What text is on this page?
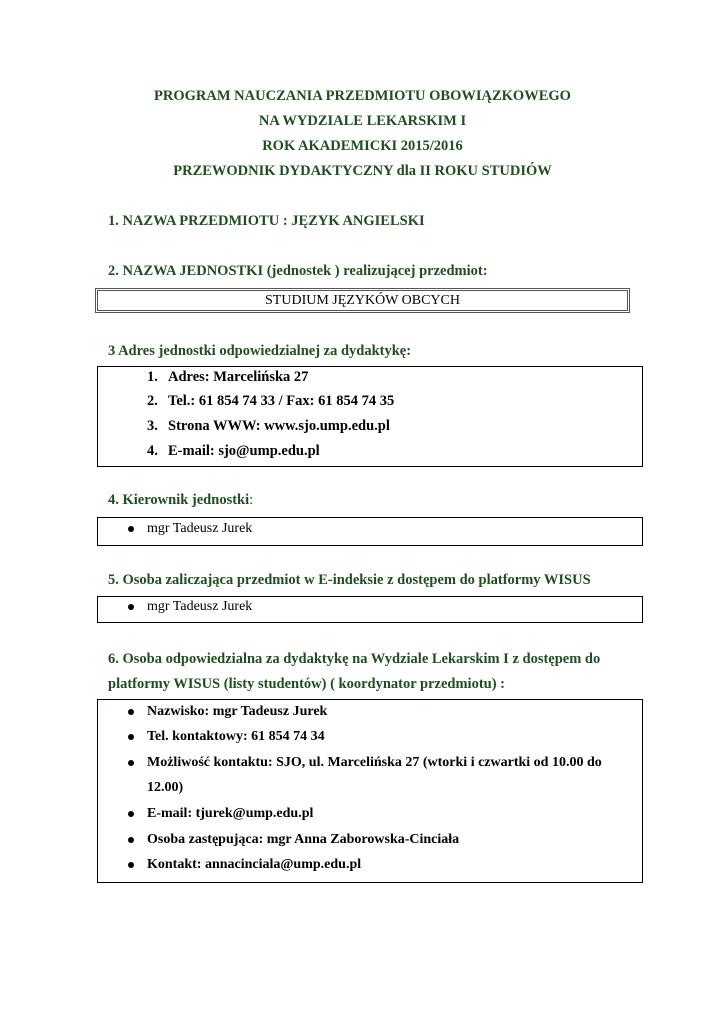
PROGRAM NAUCZANIA PRZEDMIOTU OBOWIĄZKOWEGO
NA WYDZIALE LEKARSKIM I
ROK AKADEMICKI 2015/2016
PRZEWODNIK DYDAKTYCZNY dla II ROKU STUDIÓW
1. NAZWA PRZEDMIOTU : JĘZYK ANGIELSKI
2. NAZWA JEDNOSTKI (jednostek ) realizującej przedmiot:
STUDIUM JĘZYKÓW OBCYCH
3 Adres jednostki odpowiedzialnej za dydaktykę:
1. Adres: Marcelińska 27
2. Tel.: 61 854 74 33 / Fax: 61 854 74 35
3. Strona WWW: www.sjo.ump.edu.pl
4. E-mail: sjo@ump.edu.pl
4. Kierownik jednostki:
mgr Tadeusz Jurek
5. Osoba zaliczająca przedmiot w E-indeksie z dostępem do platformy WISUS
mgr Tadeusz Jurek
6. Osoba odpowiedzialna za dydaktykę na Wydziale Lekarskim I z dostępem do
platformy WISUS (listy studentów) ( koordynator przedmiotu) :
Nazwisko: mgr Tadeusz Jurek
Tel. kontaktowy: 61 854 74 34
Możliwość kontaktu: SJO, ul. Marcelińska 27 (wtorki i czwartki od 10.00 do
12.00)
E-mail: tjurek@ump.edu.pl
Osoba zastępująca: mgr Anna Zaborowska-Cinciała
Kontakt: annacinciala@ump.edu.pl
